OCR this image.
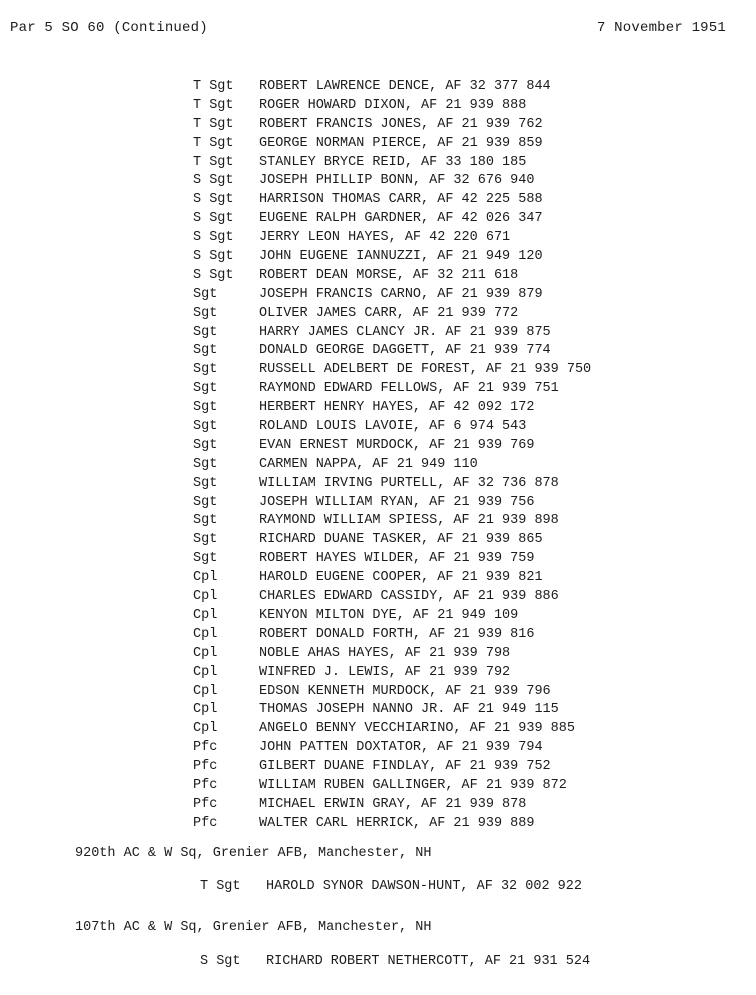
Par 5 SO 60 (Continued)	7 November 1951
T Sgt	ROBERT LAWRENCE DENCE, AF 32 377 844
T Sgt	ROGER HOWARD DIXON, AF 21 939 888
T Sgt	ROBERT FRANCIS JONES, AF 21 939 762
T Sgt	GEORGE NORMAN PIERCE, AF 21 939 859
T Sgt	STANLEY BRYCE REID, AF 33 180 185
S Sgt	JOSEPH PHILLIP BONN, AF 32 676 940
S Sgt	HARRISON THOMAS CARR, AF 42 225 588
S Sgt	EUGENE RALPH GARDNER, AF 42 026 347
S Sgt	JERRY LEON HAYES, AF 42 220 671
S Sgt	JOHN EUGENE IANNUZZI, AF 21 949 120
S Sgt	ROBERT DEAN MORSE, AF 32 211 618
Sgt	JOSEPH FRANCIS CARNO, AF 21 939 879
Sgt	OLIVER JAMES CARR, AF 21 939 772
Sgt	HARRY JAMES CLANCY JR. AF 21 939 875
Sgt	DONALD GEORGE DAGGETT, AF 21 939 774
Sgt	RUSSELL ADELBERT DE FOREST, AF 21 939 750
Sgt	RAYMOND EDWARD FELLOWS, AF 21 939 751
Sgt	HERBERT HENRY HAYES, AF 42 092 172
Sgt	ROLAND LOUIS LAVOIE, AF 6 974 543
Sgt	EVAN ERNEST MURDOCK, AF 21 939 769
Sgt	CARMEN NAPPA, AF 21 949 110
Sgt	WILLIAM IRVING PURTELL, AF 32 736 878
Sgt	JOSEPH WILLIAM RYAN, AF 21 939 756
Sgt	RAYMOND WILLIAM SPIESS, AF 21 939 898
Sgt	RICHARD DUANE TASKER, AF 21 939 865
Sgt	ROBERT HAYES WILDER, AF 21 939 759
Cpl	HAROLD EUGENE COOPER, AF 21 939 821
Cpl	CHARLES EDWARD CASSIDY, AF 21 939 886
Cpl	KENYON MILTON DYE, AF 21 949 109
Cpl	ROBERT DONALD FORTH, AF 21 939 816
Cpl	NOBLE AHAS HAYES, AF 21 939 798
Cpl	WINFRED J. LEWIS, AF 21 939 792
Cpl	EDSON KENNETH MURDOCK, AF 21 939 796
Cpl	THOMAS JOSEPH NANNO JR. AF 21 949 115
Cpl	ANGELO BENNY VECCHIARINO, AF 21 939 885
Pfc	JOHN PATTEN DOXTATOR, AF 21 939 794
Pfc	GILBERT DUANE FINDLAY, AF 21 939 752
Pfc	WILLIAM RUBEN GALLINGER, AF 21 939 872
Pfc	MICHAEL ERWIN GRAY, AF 21 939 878
Pfc	WALTER CARL HERRICK, AF 21 939 889
920th AC & W Sq, Grenier AFB, Manchester, NH
T Sgt	HAROLD SYNOR DAWSON-HUNT, AF 32 002 922
107th AC & W Sq, Grenier AFB, Manchester, NH
S Sgt	RICHARD ROBERT NETHERCOTT, AF 21 931 524
